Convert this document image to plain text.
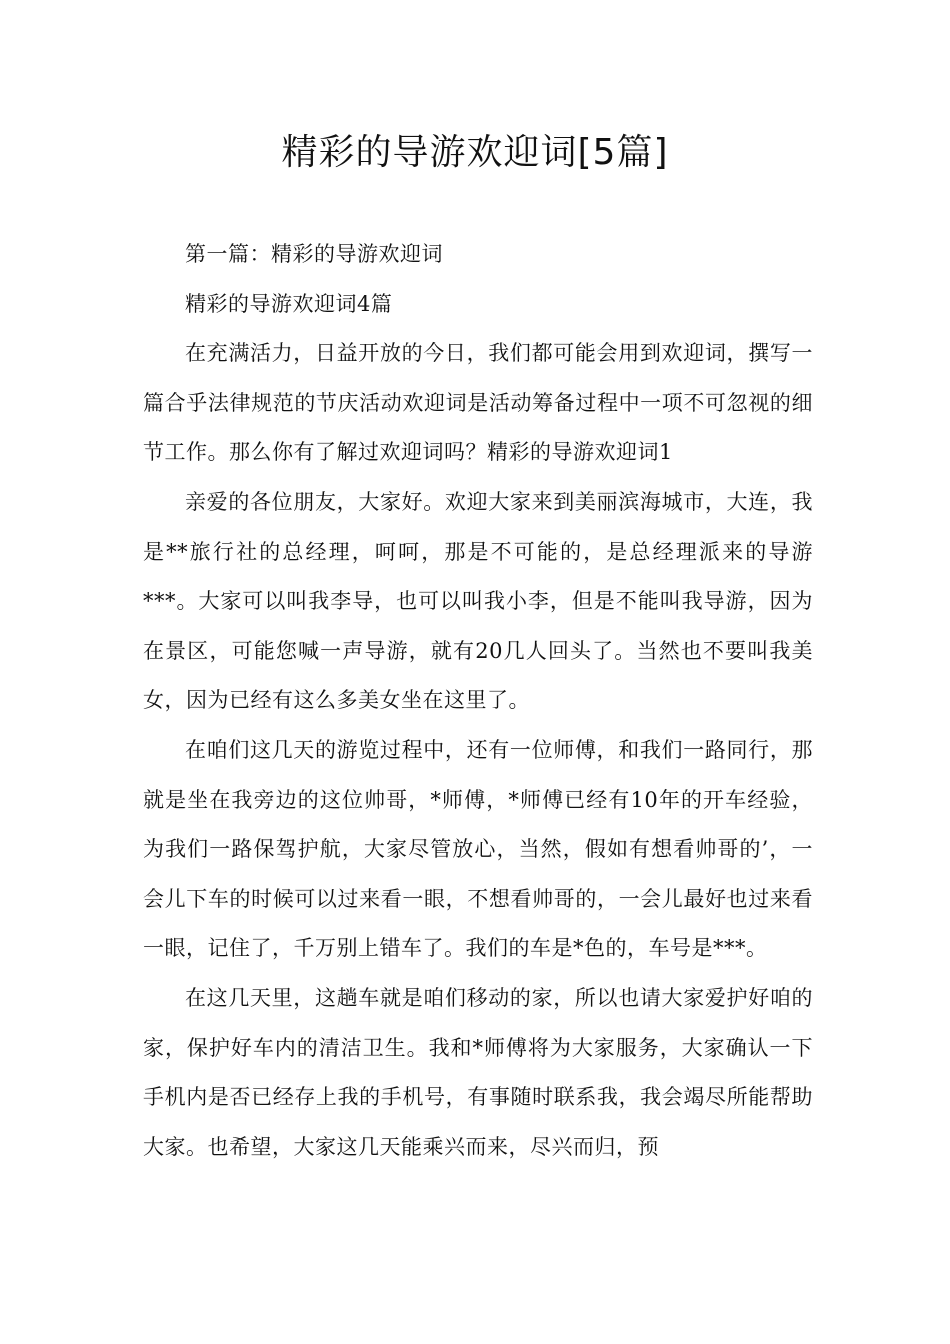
精彩的导游欢迎词[5篇]

第一篇：精彩的导游欢迎词

精彩的导游欢迎词4篇

在充满活力，日益开放的今日，我们都可能会用到欢迎词，撰写一篇合乎法律规范的节庆活动欢迎词是活动筹备过程中一项不可忽视的细节工作。那么你有了解过欢迎词吗？精彩的导游欢迎词1

亲爱的各位朋友，大家好。欢迎大家来到美丽滨海城市，大连，我是**旅行社的总经理，呵呵，那是不可能的，是总经理派来的导游***。大家可以叫我李导，也可以叫我小李，但是不能叫我导游，因为在景区，可能您喊一声导游，就有20几人回头了。当然也不要叫我美女，因为已经有这么多美女坐在这里了。

在咱们这几天的游览过程中，还有一位师傅，和我们一路同行，那就是坐在我旁边的这位帅哥，*师傅，*师傅已经有10年的开车经验，为我们一路保驾护航，大家尽管放心，当然，假如有想看帅哥的’，一会儿下车的时候可以过来看一眼，不想看帅哥的，一会儿最好也过来看一眼，记住了，千万别上错车了。我们的车是*色的，车号是***。

在这几天里，这趟车就是咱们移动的家，所以也请大家爱护好咱的家，保护好车内的清洁卫生。我和*师傅将为大家服务，大家确认一下手机内是否已经存上我的手机号，有事随时联系我，我会竭尽所能帮助大家。也希望，大家这几天能乘兴而来，尽兴而归，预
